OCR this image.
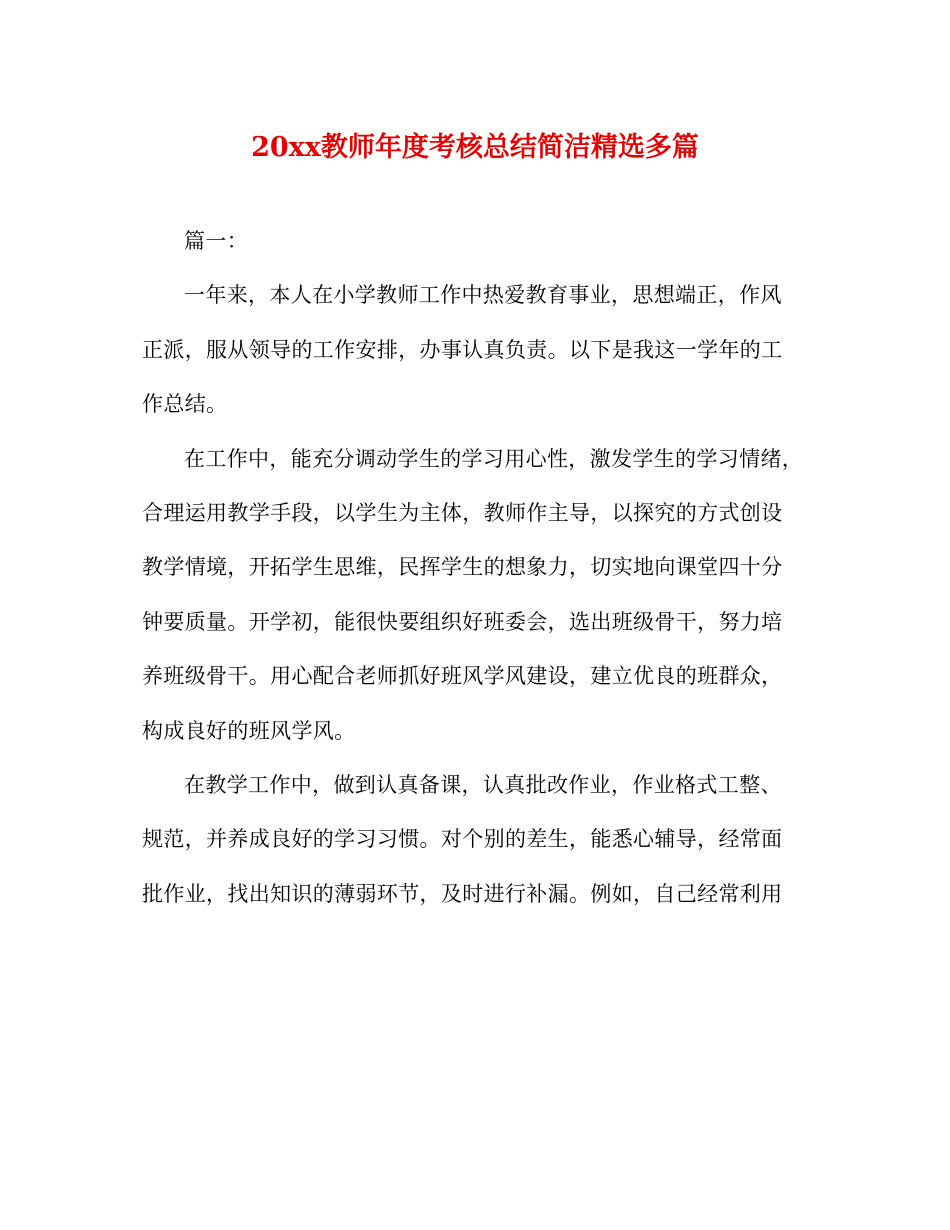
20xx教师年度考核总结简洁精选多篇
篇一：
一年来，本人在小学教师工作中热爱教育事业，思想端正，作风
正派，服从领导的工作安排，办事认真负责。以下是我这一学年的工
作总结。
在工作中，能充分调动学生的学习用心性，激发学生的学习情绪，
合理运用教学手段，以学生为主体，教师作主导，以探究的方式创设
教学情境，开拓学生思维，民挥学生的想象力，切实地向课堂四十分
钟要质量。开学初，能很快要组织好班委会，选出班级骨干，努力培
养班级骨干。用心配合老师抓好班风学风建设，建立优良的班群众，
构成良好的班风学风。
在教学工作中，做到认真备课，认真批改作业，作业格式工整、
规范，并养成良好的学习习惯。对个别的差生，能悉心辅导，经常面
批作业，找出知识的薄弱环节，及时进行补漏。例如，自己经常利用
